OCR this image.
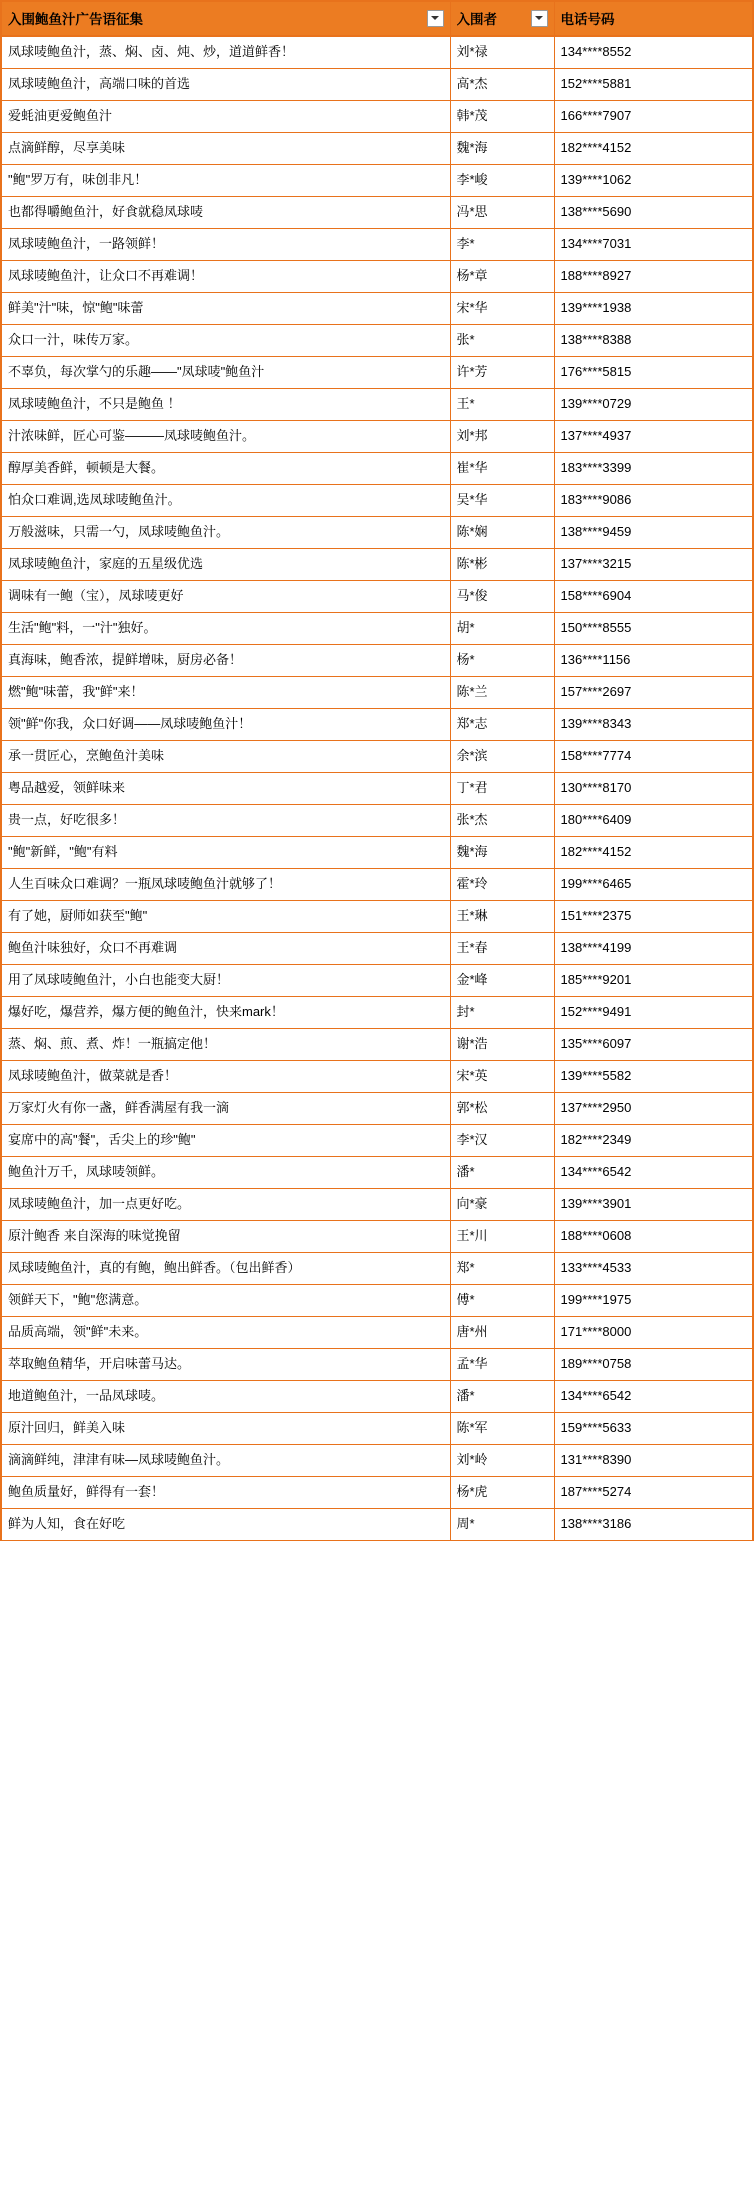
入围鲍鱼汁广告语征集	入围者	电话号码

凤球唛鲍鱼汁，蒸、焖、卤、炖、炒，道道鲜香！	刘*禄	134****8552
凤球唛鲍鱼汁，高端口味的首选	高*杰	152****5881
爱蚝油更爱鲍鱼汁	韩*茂	166****7907
点滴鲜醇，尽享美味	魏*海	182****4152
"鲍"罗万有，味创非凡！	李*峻	139****1062
也都得嚼鲍鱼汁，好食就稳凤球唛	冯*思	138****5690
凤球唛鲍鱼汁，一路领鲜！	李*	134****7031
凤球唛鲍鱼汁，让众口不再难调！	杨*章	188****8927
鲜美"汁"味，惊"鲍"味蕾	宋*华	139****1938
众口一汁，味传万家。	张*	138****8388
不辜负，每次掌勺的乐趣——"凤球唛"鲍鱼汁	许*芳	176****5815
凤球唛鲍鱼汁，不只是鲍鱼 ！	王*	139****0729
汁浓味鲜，匠心可鉴———凤球唛鲍鱼汁。	刘*邦	137****4937
醇厚美香鲜，顿顿是大餐。	崔*华	183****3399
怕众口难调,选凤球唛鲍鱼汁。	吴*华	183****9086
万般滋味，只需一勺，凤球唛鲍鱼汁。	陈*娴	138****9459
凤球唛鲍鱼汁，家庭的五星级优选	陈*彬	137****3215
调味有一鲍（宝），凤球唛更好	马*俊	158****6904
生活"鲍"料，一"汁"独好。	胡*	150****8555
真海味，鲍香浓，提鲜增味，厨房必备！	杨*	136****1156
燃"鲍"味蕾，我"鲜"来！	陈*兰	157****2697
领"鲜"你我，众口好调——凤球唛鲍鱼汁！	郑*志	139****8343
承一贯匠心，烹鲍鱼汁美味	余*滨	158****7774
粤品越爱，领鲜味来	丁*君	130****8170
贵一点，好吃很多！	张*杰	180****6409
"鲍"新鲜，"鲍"有料	魏*海	182****4152
人生百味众口难调？一瓶凤球唛鲍鱼汁就够了！	霍*玲	199****6465
有了她，厨师如获至"鲍"	王*琳	151****2375
鲍鱼汁味独好，众口不再难调	王*春	138****4199
用了凤球唛鲍鱼汁，小白也能变大厨！	金*峰	185****9201
爆好吃，爆营养，爆方便的鲍鱼汁，快来mark！	封*	152****9491
蒸、焖、煎、煮、炸！一瓶搞定他！	谢*浩	135****6097
凤球唛鲍鱼汁，做菜就是香！	宋*英	139****5582
万家灯火有你一盏，鲜香满屋有我一滴	郭*松	137****2950
宴席中的高"餐"，舌尖上的珍"鲍"	李*汉	182****2349
鲍鱼汁万千，凤球唛领鲜。	潘*	134****6542
凤球唛鲍鱼汁，加一点更好吃。	向*豪	139****3901
原汁鲍香 来自深海的味觉挽留	王*川	188****0608
凤球唛鲍鱼汁，真的有鲍，鲍出鲜香。（包出鲜香）	郑*	133****4533
领鲜天下，"鲍"您满意。	傅*	199****1975
品质高端，领"鲜"未来。	唐*州	171****8000
萃取鲍鱼精华，开启味蕾马达。	孟*华	189****0758
地道鲍鱼汁，一品凤球唛。	潘*	134****6542
原汁回归，鲜美入味	陈*军	159****5633
滴滴鲜纯，津津有味—凤球唛鲍鱼汁。	刘*岭	131****8390
鲍鱼质量好，鲜得有一套！	杨*虎	187****5274
鲜为人知，食在好吃	周*	138****3186
